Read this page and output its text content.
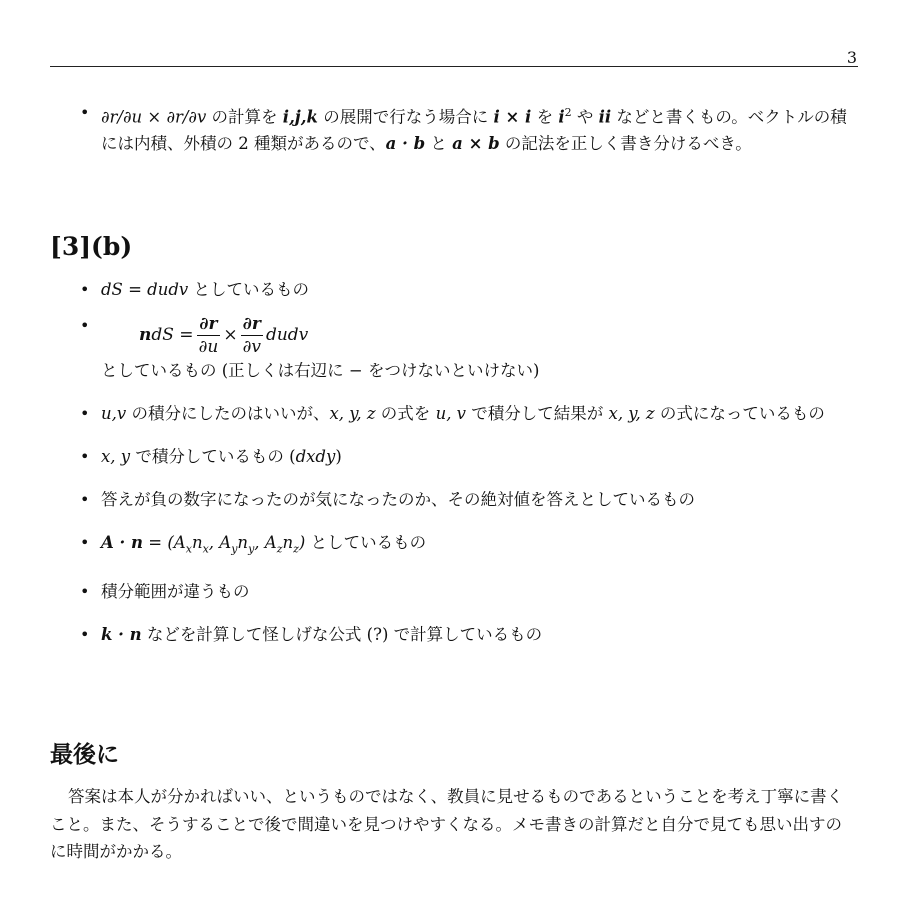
3
• ∂r/∂u × ∂r/∂v の計算を i,j,k の展開で行なう場合に i × i を $i^2$ や ii などと書くもの。ベクトルの積には内積、外積の 2 種類があるので、a · b と a × b の記法を正しく書き分けるべき。
[3](b)
• dS = dudv としているもの
• ndS = $\frac{\partial r}{\partial u} \times \frac{\partial r}{\partial v}$ dudv
としているもの (正しくは右辺に − をつけないといけない)
• u,v の積分にしたのはいいが、x, y, z の式を u, v で積分して結果が x, y, z の式になっているもの
• x, y で積分しているもの (dxdy)
• 答えが負の数字になったのが気になったのか、その絶対値を答えとしているもの
• $A \cdot n = (A_xn_x$, $A_yn_y$, $A_zn_z$) としているもの
• 積分範囲が違うもの
• k · n などを計算して怪しげな公式 (?) で計算しているもの
最後に
答案は本人が分かればいい、というものではなく、教員に見せるものであるということを考え丁寧に書くこと。また、そうすることで後で間違いを見つけやすくなる。メモ書きの計算だと自分で見ても思い出すのに時間がかかる。
